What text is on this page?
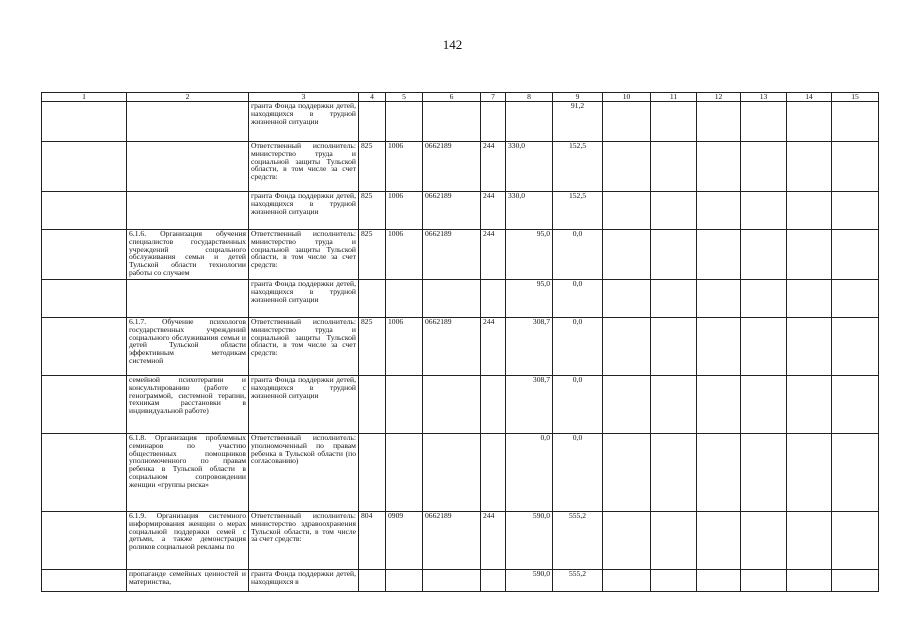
142
1	2	3	4	5	6	7	8	9	10	11	12	13	14	15
		гранта Фонда поддержки детей, находящихся в трудной жизненной ситуации						91,2						
		Ответственный исполнитель: министерство труда и социальной защиты Тульской области, в том числе за счет средств:	825	1006	0662189	244	330,0	152,5						
		гранта Фонда поддержки детей, находящихся в трудной жизненной ситуации	825	1006	0662189	244	330,0	152,5						
	6.1.6. Организация обучения специалистов государственных учреждений социального обслуживания семьи и детей Тульской области технологии работы со случаем	Ответственный исполнитель: министерство труда и социальной защиты Тульской области, в том числе за счет средств:	825	1006	0662189	244	95,0	0,0						
		гранта Фонда поддержки детей, находящихся в трудной жизненной ситуации					95,0	0,0						
	6.1.7. Обучение психологов государственных учреждений социального обслуживания семьи и детей Тульской области эффективным методикам системной	Ответственный исполнитель: министерство труда и социальной защиты Тульской области, в том числе за счет средств:	825	1006	0662189	244	308,7	0,0						
	семейной психотерапии и консультированию (работе с генограммой, системной терапии, техникам расстановки в индивидуальной работе)	гранта Фонда поддержки детей, находящихся в трудной жизненной ситуации					308,7	0,0						
	6.1.8. Организация проблемных семинаров по участию общественных помощников уполномоченного по правам ребенка в Тульской области в социальном сопровождении женщин «группы риска»	Ответственный исполнитель: уполномоченный по правам ребенка в Тульской области (по согласованию)					0,0	0,0						
	6.1.9. Организация системного информирования женщин о мерах социальной поддержки семей с детьми, а также демонстрация роликов социальной рекламы по	Ответственный исполнитель: министерство здравоохранения Тульской области, в том числе за счет средств:	804	0909	0662189	244	590,0	555,2						
	пропаганде семейных ценностей и материнства,	гранта Фонда поддержки детей, находящихся в					590,0	555,2						
